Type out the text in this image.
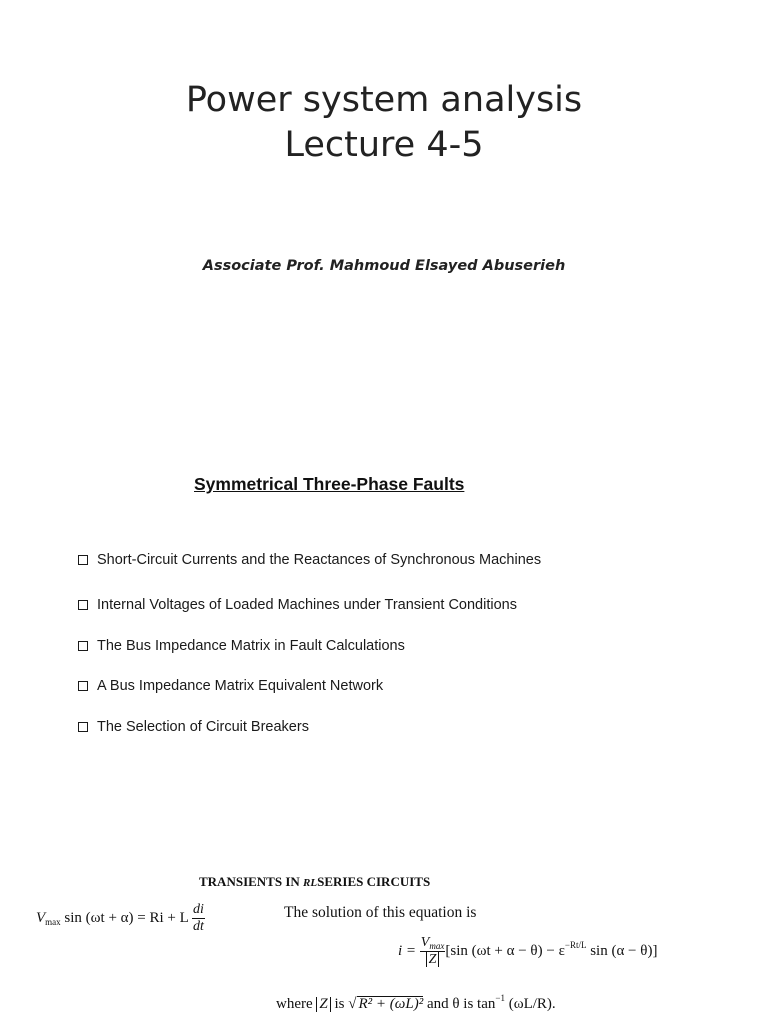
Power system analysis
Lecture 4-5
Associate Prof. Mahmoud Elsayed Abuserieh
Symmetrical Three-Phase Faults
Short-Circuit Currents and the Reactances of Synchronous Machines
Internal Voltages of Loaded Machines under Transient Conditions
The Bus Impedance Matrix in Fault Calculations
A Bus Impedance Matrix Equivalent Network
The Selection of Circuit Breakers
TRANSIENTS IN RLSERIES CIRCUITS
$V_{max}$ sin (ωt + α) = Ri + L $\frac{di}{dt}$	The solution of this equation is
$i = \frac{V_{max}}{Z} [\sin$ $(\omega t + \alpha - \theta) - \varepsilon^{-Rt/L}$ sin (α − θ)]
where Z is √ R² + (ωL)² and θ is $\tan^{-1} (\omega L/R)$.
